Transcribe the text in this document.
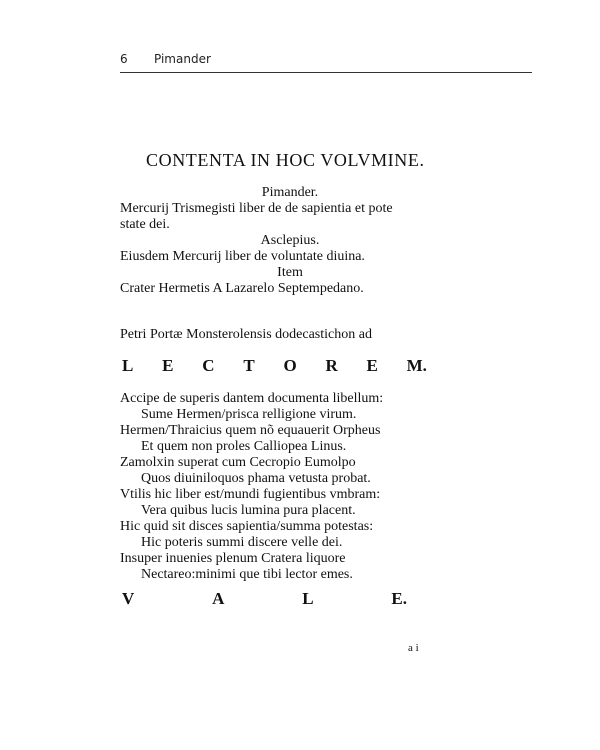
6 Pimander
CONTENTA IN HOC VOLVMINE.
Pimander.
Mercurij Trismegisti liber de de sapientia et pote
state dei.
Asclepius.
Eiusdem Mercurij liber de voluntate diuina.
Item
Crater Hermetis A Lazarelo Septempedano.
Petri Portæ Monsterolensis dodecastichon ad
L E C T O R E M.
Accipe de superis dantem documenta libellum:
Sume Hermen/prisca relligione virum.
Hermen/Thraicius quem nõ equauerit Orpheus
Et quem non proles Calliopea Linus.
Zamolxin superat cum Cecropio Eumolpo
Quos diuiniloquos phama vetusta probat.
Vtilis hic liber est/mundi fugientibus vmbram:
Vera quibus lucis lumina pura placent.
Hic quid sit disces sapientia/summa potestas:
Hic poteris summi discere velle dei.
Insuper inuenies plenum Cratera liquore
Nectareo:minimi que tibi lector emes.
V	A	L	E.
a i
